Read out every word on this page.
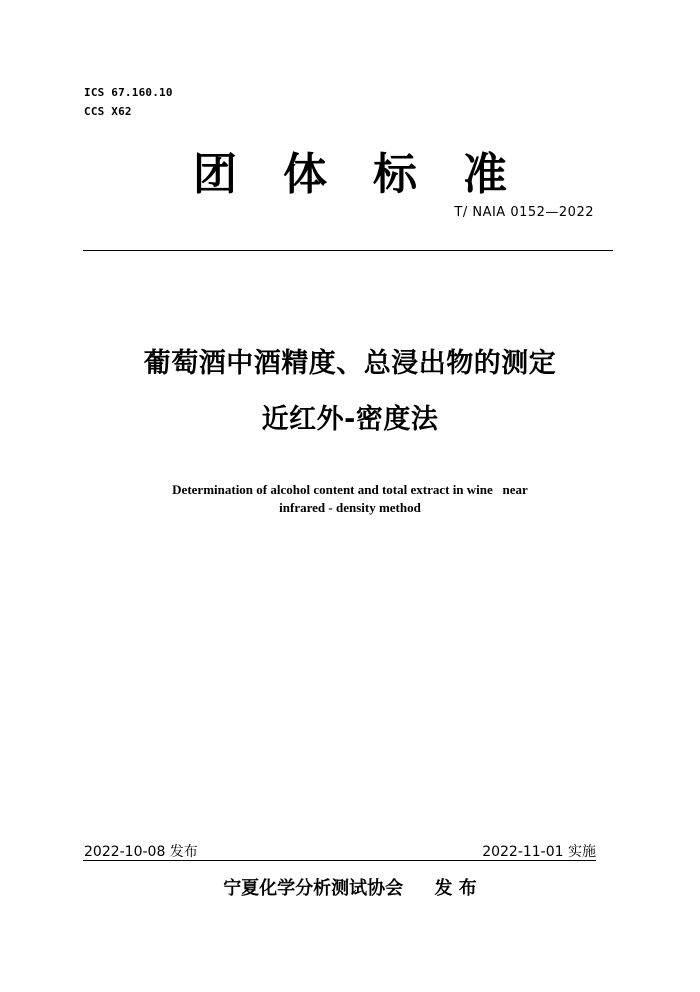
ICS 67.160.10
CCS X62
团体标准
T/ NAIA 0152—2022
葡萄酒中酒精度、总浸出物的测定
近红外-密度法
Determination of alcohol content and total extract in wine   near
infrared - density method
2022-10-08 发布	2022-11-01 实施
宁夏化学分析测试协会     发 布
